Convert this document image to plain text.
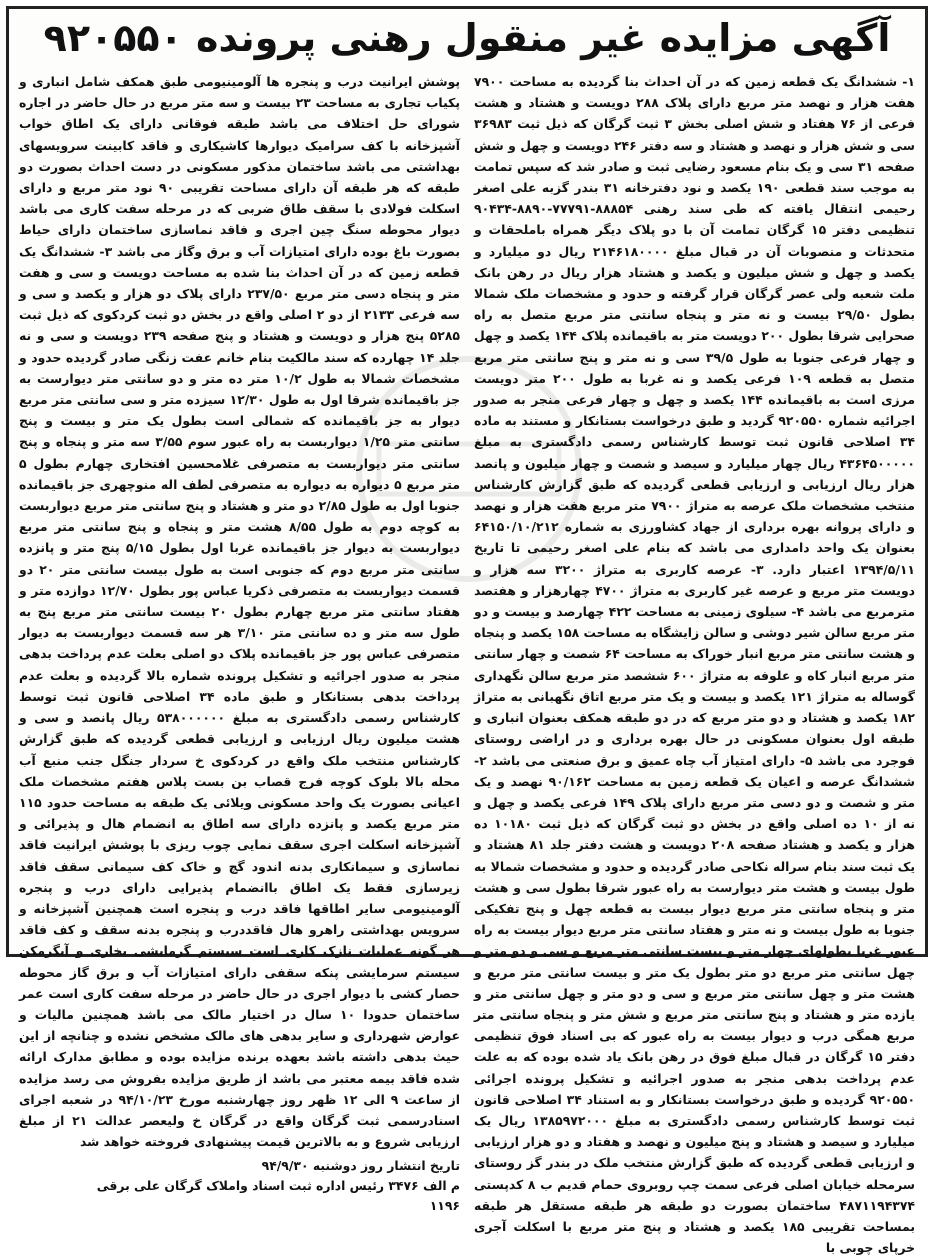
آگهی مزایده غیر منقول رهنی پرونده ۹۲۰۵۵۰

۱- ششدانگ یک قطعه زمین که در آن احداث بنا گردیده به مساحت ۷۹۰۰ هفت هزار و نهصد متر مربع دارای پلاک ۲۸۸ دویست و هشتاد و هشت فرعی از ۷۶ هفتاد و شش اصلی بخش ۳ ثبت گرگان که ذیل ثبت ۳۶۹۸۳ سی و شش هزار و نهصد و هشتاد و سه دفتر ۲۴۶ دویست و چهل و شش صفحه ۳۱ سی و یک بنام مسعود رضایی ثبت و صادر شد که سپس تمامت به موجب سند قطعی ۱۹۰ یکصد و نود دفترخانه ۳۱ بندر گزبه علی اصغر رحیمی انتقال یافته که طی سند رهنی ۸۸۸۵۴-۷۷۷۹۱-۸۸۹۰-۹۰۴۳۴ تنظیمی دفتر ۱۵ گرگان تمامت آن با دو پلاک دیگر همراه باملحقات و متحدثات و منصوبات آن در قبال مبلغ ۲۱۴۶۱۸۰۰۰۰ ریال دو میلیارد و یکصد و چهل و شش میلیون و یکصد و هشتاد هزار ریال در رهن بانک ملت شعبه ولی عصر گرگان قرار گرفته و حدود و مشخصات ملک شمالا بطول ۲۹/۵۰ بیست و نه متر و پنجاه سانتی متر مربع متصل به راه صحرایی شرقا بطول ۲۰۰ دویست متر به باقیمانده پلاک ۱۴۴ یکصد و چهل و چهار فرعی جنوبا به طول ۳۹/۵ سی و نه متر و پنج سانتی متر مربع متصل به قطعه ۱۰۹ فرعی یکصد و نه غربا به طول ۲۰۰ متر دویست مرزی است به باقیمانده ۱۴۴ یکصد و چهل و چهار فرعی منجر به صدور اجرائیه شماره ۹۲۰۵۵۰ گردید و طبق درخواست بستانکار و مستند به ماده ۳۴ اصلاحی قانون ثبت توسط کارشناس رسمی دادگستری به مبلغ ۴۳۶۴۵۰۰۰۰۰ ریال چهار میلیارد و سیصد و شصت و چهار میلیون و پانصد هزار ریال ارزیابی و ارزیابی قطعی گردیده که طبق گزارش کارشناس منتخب مشخصات ملک عرصه به متراژ ۷۹۰۰ متر مربع هفت هزار و نهصد و دارای پروانه بهره برداری از جهاد کشاورزی به شماره ۶۴۱۵۰/۱۰/۲۱۲ بعنوان یک واحد دامداری می باشد که بنام علی اصغر رحیمی تا تاریخ ۱۳۹۴/۵/۱۱ اعتبار دارد. ۳- عرصه کاربری به متراژ ۳۲۰۰ سه هزار و دویست متر مربع و عرصه غیر کاربری به متراژ ۴۷۰۰ چهارهزار و هفتصد مترمربع می باشد ۴- سیلوی زمینی به مساحت ۴۲۲ چهارصد و بیست و دو متر مربع سالن شیر دوشی و سالن زایشگاه به مساحت ۱۵۸ یکصد و پنجاه و هشت سانتی متر مربع انبار خوراک به مساحت ۶۴ شصت و چهار سانتی متر مربع انبار کاه و علوفه به متراژ ۶۰۰ ششصد متر مربع سالن نگهداری گوساله به متراژ ۱۲۱ یکصد و بیست و یک متر مربع اتاق نگهبانی به متراژ ۱۸۲ یکصد و هشتاد و دو متر مربع که در دو طبقه همکف بعنوان انباری و طبقه اول بعنوان مسکونی در حال بهره برداری و در اراضی روستای فوجرد می باشد ۵- دارای امتیاز آب چاه عمیق و برق صنعتی می باشد ۲- ششدانگ عرصه و اعیان یک قطعه زمین به مساحت ۹۰/۱۶۲ نهصد و یک متر و شصت و دو دسی متر مربع دارای پلاک ۱۴۹ فرعی یکصد و چهل و نه از ۱۰ ده اصلی واقع در بخش دو ثبت گرگان که ذیل ثبت ۱۰۱۸۰ ده هزار و یکصد و هشتاد صفحه ۲۰۸ دویست و هشت دفتر جلد ۸۱ هشتاد و یک ثبت سند بنام سراله نکاحی صادر گردیده و حدود و مشخصات شمالا به طول بیست و هشت متر دیوارست به راه عبور شرقا بطول سی و هشت متر و پنجاه سانتی متر مربع دیوار بیست به قطعه چهل و پنج تفکیکی جنوبا به طول بیست و نه متر و هفتاد سانتی متر مربع دیوار بیست به راه عبور غربا بطولهای چهار متر و بیست سانتی متر مربع و سی و دو متر و چهل سانتی متر مربع دو متر بطول یک متر و بیست سانتی متر مربع و هشت متر و چهل سانتی متر مربع و سی و دو متر و چهل سانتی متر و یازده متر و هشتاد و پنج سانتی متر مربع و شش متر و پنجاه سانتی متر مربع همگی درب و دیوار بیست به راه عبور که بی اسناد فوق تنظیمی دفتر ۱۵ گرگان در قبال مبلغ فوق در رهن بانک یاد شده بوده که به علت عدم پرداخت بدهی منجر به صدور اجرائیه و تشکیل پرونده اجرائی ۹۲۰۵۵۰ گردیده و طبق درخواست بستانکار و به استناد ۳۴ اصلاحی قانون ثبت توسط کارشناس رسمی دادگستری به مبلغ ۱۳۸۵۹۷۲۰۰۰ ریال یک میلیارد و سیصد و هشتاد و پنج میلیون و نهصد و هفتاد و دو هزار ارزیابی و ارزیابی قطعی گردیده که طبق گزارش منتخب ملک در بندر گز روستای سرمحله خیابان اصلی فرعی سمت چپ روبروی حمام قدیم ب ۸ کدپستی ۴۸۷۱۱۹۴۳۷۴ ساختمان بصورت دو طبقه هر طبقه مستقل هر طبقه بمساحت تقریبی ۱۸۵ یکصد و هشتاد و پنج متر مربع با اسکلت آجری خرپای چوبی با

پوشش ایرانیت درب و پنجره ها آلومینیومی طبق همکف شامل انباری و پکیاب تجاری به مساحت ۲۳ بیست و سه متر مربع در حال حاضر در اجاره شورای حل اختلاف می باشد طبقه فوقانی دارای یک اطاق خواب آشپزخانه با کف سرامیک دیوارها کاشیکاری و فاقد کابینت سرویسهای بهداشتی می باشد ساختمان مذکور مسکونی در دست احداث بصورت دو طبقه که هر طبقه آن دارای مساحت تقریبی ۹۰ نود متر مربع و دارای اسکلت فولادی با سقف طاق ضربی که در مرحله سفت کاری می باشد دیوار محوطه سنگ چین اجری و فاقد نماسازی ساختمان دارای حیاط بصورت باغ بوده دارای امتیازات آب و برق وگاز می باشد ۳- ششدانگ یک قطعه زمین که در آن احداث بنا شده به مساحت دویست و سی و هفت متر و پنجاه دسی متر مربع ۲۳۷/۵۰ دارای پلاک دو هزار و یکصد و سی و سه فرعی ۲۱۳۳ از دو ۲ اصلی واقع در بخش دو ثبت کردکوی که ذیل ثبت ۵۲۸۵ پنج هزار و دویست و هشتاد و پنج صفحه ۲۳۹ دویست و سی و نه جلد ۱۴ چهارده که سند مالکیت بنام خانم عفت زنگی صادر گردیده حدود و مشخصات شمالا به طول ۱۰/۲ متر ده متر و دو سانتی متر دیوارست به جز باقیمانده شرقا اول به طول ۱۲/۳۰ سیزده متر و سی سانتی متر مربع دیوار به جز باقیمانده که شمالی است بطول یک متر و بیست و پنج سانتی متر ۱/۲۵ دیواربست به راه عبور سوم ۳/۵۵ سه متر و پنجاه و پنج سانتی متر دیواربست به متصرفی غلامحسین افتخاری چهارم بطول ۵ متر مربع ۵ دیواره به دیواره به متصرفی لطف اله منوچهری جز باقیمانده جنوبا اول به طول ۲/۸۵ دو متر و هشتاد و پنج سانتی متر مربع دیواربست به کوچه دوم به طول ۸/۵۵ هشت متر و پنجاه و پنج سانتی متر مربع دیواربست به دیوار جز باقیمانده غربا اول بطول ۵/۱۵ پنج متر و پانزده سانتی متر مربع دوم که جنوبی است به طول بیست سانتی متر ۲۰ دو قسمت دیواربست به متصرفی ذکریا عباس پور بطول ۱۲/۷۰ دوازده متر و هفتاد سانتی متر مربع چهارم بطول ۲۰ بیست سانتی متر مربع پنج به طول سه متر و ده سانتی متر ۳/۱۰ هر سه قسمت دیواربست به دیوار متصرفی عباس پور جز باقیمانده پلاک دو اصلی بعلت عدم پرداخت بدهی منجر به صدور اجرائیه و تشکیل پرونده شماره بالا گردیده و بعلت عدم پرداخت بدهی بستانکار و طبق ماده ۳۴ اصلاحی قانون ثبت توسط کارشناس رسمی دادگستری به مبلغ ۵۳۸۰۰۰۰۰۰ ریال پانصد و سی و هشت میلیون ریال ارزیابی و ارزیابی قطعی گردیده که طبق گزارش کارشناس منتخب ملک واقع در کردکوی خ سردار جنگل جنب منبع آب محله بالا بلوک کوچه فرج قصاب بن بست پلاس هفتم مشخصات ملک اعیانی بصورت یک واحد مسکونی ویلائی یک طبقه به مساحت حدود ۱۱۵ متر مربع یکصد و پانزده دارای سه اطاق به انضمام هال و پذیرائی و آشپزخانه اسکلت اجری سقف نمایی چوب ریزی با پوشش ایرانیت فاقد نماسازی و سیمانکاری بدنه اندود گچ و خاک کف سیمانی سقف فاقد زیرسازی فقط یک اطاق باانضمام پذیرایی دارای درب و پنجره آلومینیومی سایر اطاقها فاقد درب و پنجره است همچنین آشپزخانه و سرویس بهداشتی راهرو هال فاقددرب و پنجره بدنه سقف و کف فاقد هر گونه عملیات نازک کاری است سیستم گرمایشی بخاری و آبگرمکن سیستم سرمایشی پنکه سقفی دارای امتیازات آب و برق گاز محوطه حصار کشی با دیوار اجری در حال حاضر در مرحله سفت کاری است عمر ساختمان حدودا ۱۰ سال در اختیار مالک می باشد همچنین مالیات و عوارض شهرداری و سایر بدهی های مالک مشخص نشده و چنانچه از این حیث بدهی داشته باشد بعهده برنده مزایده بوده و مطابق مدارک ارائه شده فاقد بیمه معتبر می باشد از طریق مزایده بفروش می رسد مزایده از ساعت ۹ الی ۱۲ ظهر روز چهارشنبه مورخ ۹۴/۱۰/۲۳ در شعبه اجرای اسنادرسمی ثبت گرگان واقع در گرگان خ ولیعصر عدالت ۲۱ از مبلغ ارزیابی شروع و به بالاترین قیمت پیشنهادی فروخته خواهد شد

تاریخ انتشار روز دوشنبه ۹۴/۹/۳۰
م الف ۳۴۷۶ رئیس اداره ثبت اسناد واملاک گرگان علی برقی
۱۱۹۶
